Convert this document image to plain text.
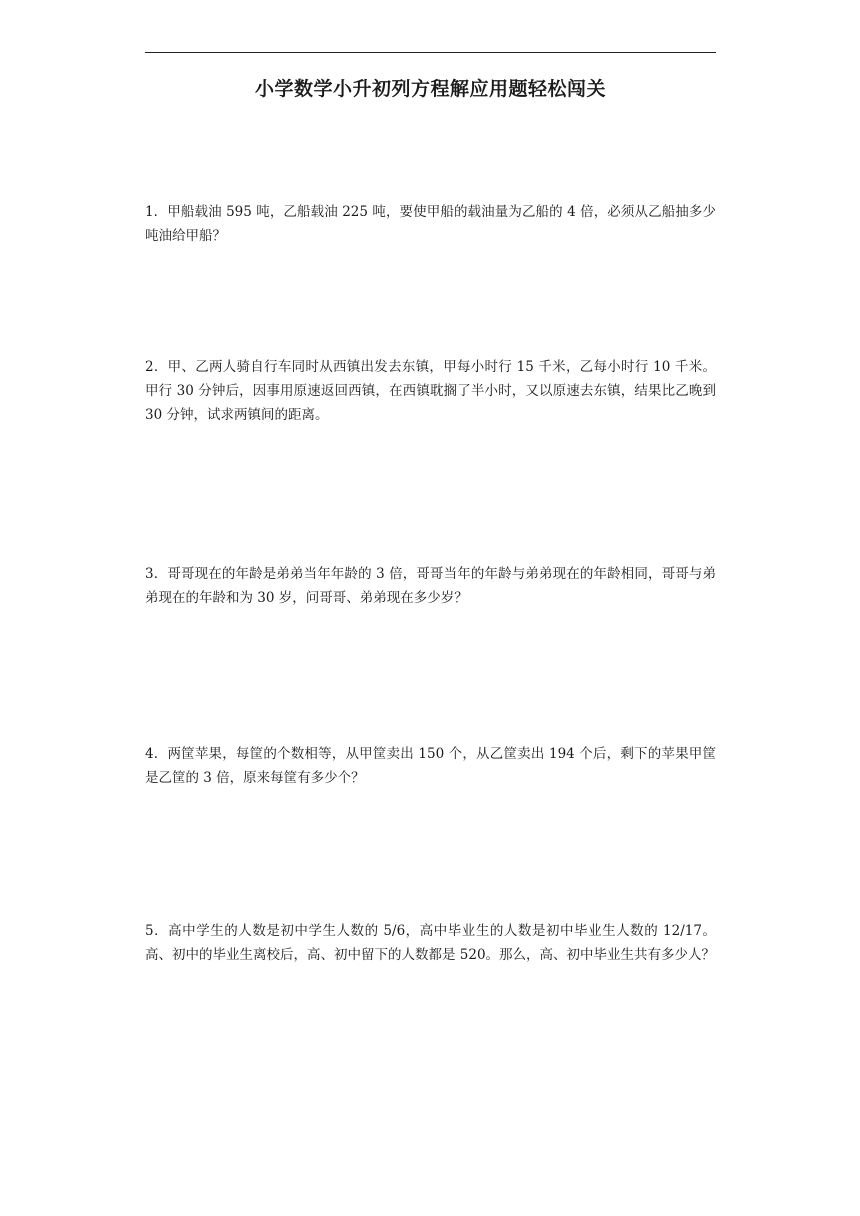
小学数学小升初列方程解应用题轻松闯关
1．甲船载油 595 吨，乙船载油 225 吨，要使甲船的载油量为乙船的 4 倍，必须从乙船抽多少吨油给甲船？
2．甲、乙两人骑自行车同时从西镇出发去东镇，甲每小时行 15 千米，乙每小时行 10 千米。甲行 30 分钟后，因事用原速返回西镇，在西镇耽搁了半小时，又以原速去东镇，结果比乙晚到 30 分钟，试求两镇间的距离。
3．哥哥现在的年龄是弟弟当年年龄的 3 倍，哥哥当年的年龄与弟弟现在的年龄相同，哥哥与弟弟现在的年龄和为 30 岁，问哥哥、弟弟现在多少岁？
4．两筐苹果，每筐的个数相等，从甲筐卖出 150 个，从乙筐卖出 194 个后，剩下的苹果甲筐是乙筐的 3 倍，原来每筐有多少个？
5．高中学生的人数是初中学生人数的 5/6，高中毕业生的人数是初中毕业生人数的 12/17。高、初中的毕业生离校后，高、初中留下的人数都是 520。那么，高、初中毕业生共有多少人？
